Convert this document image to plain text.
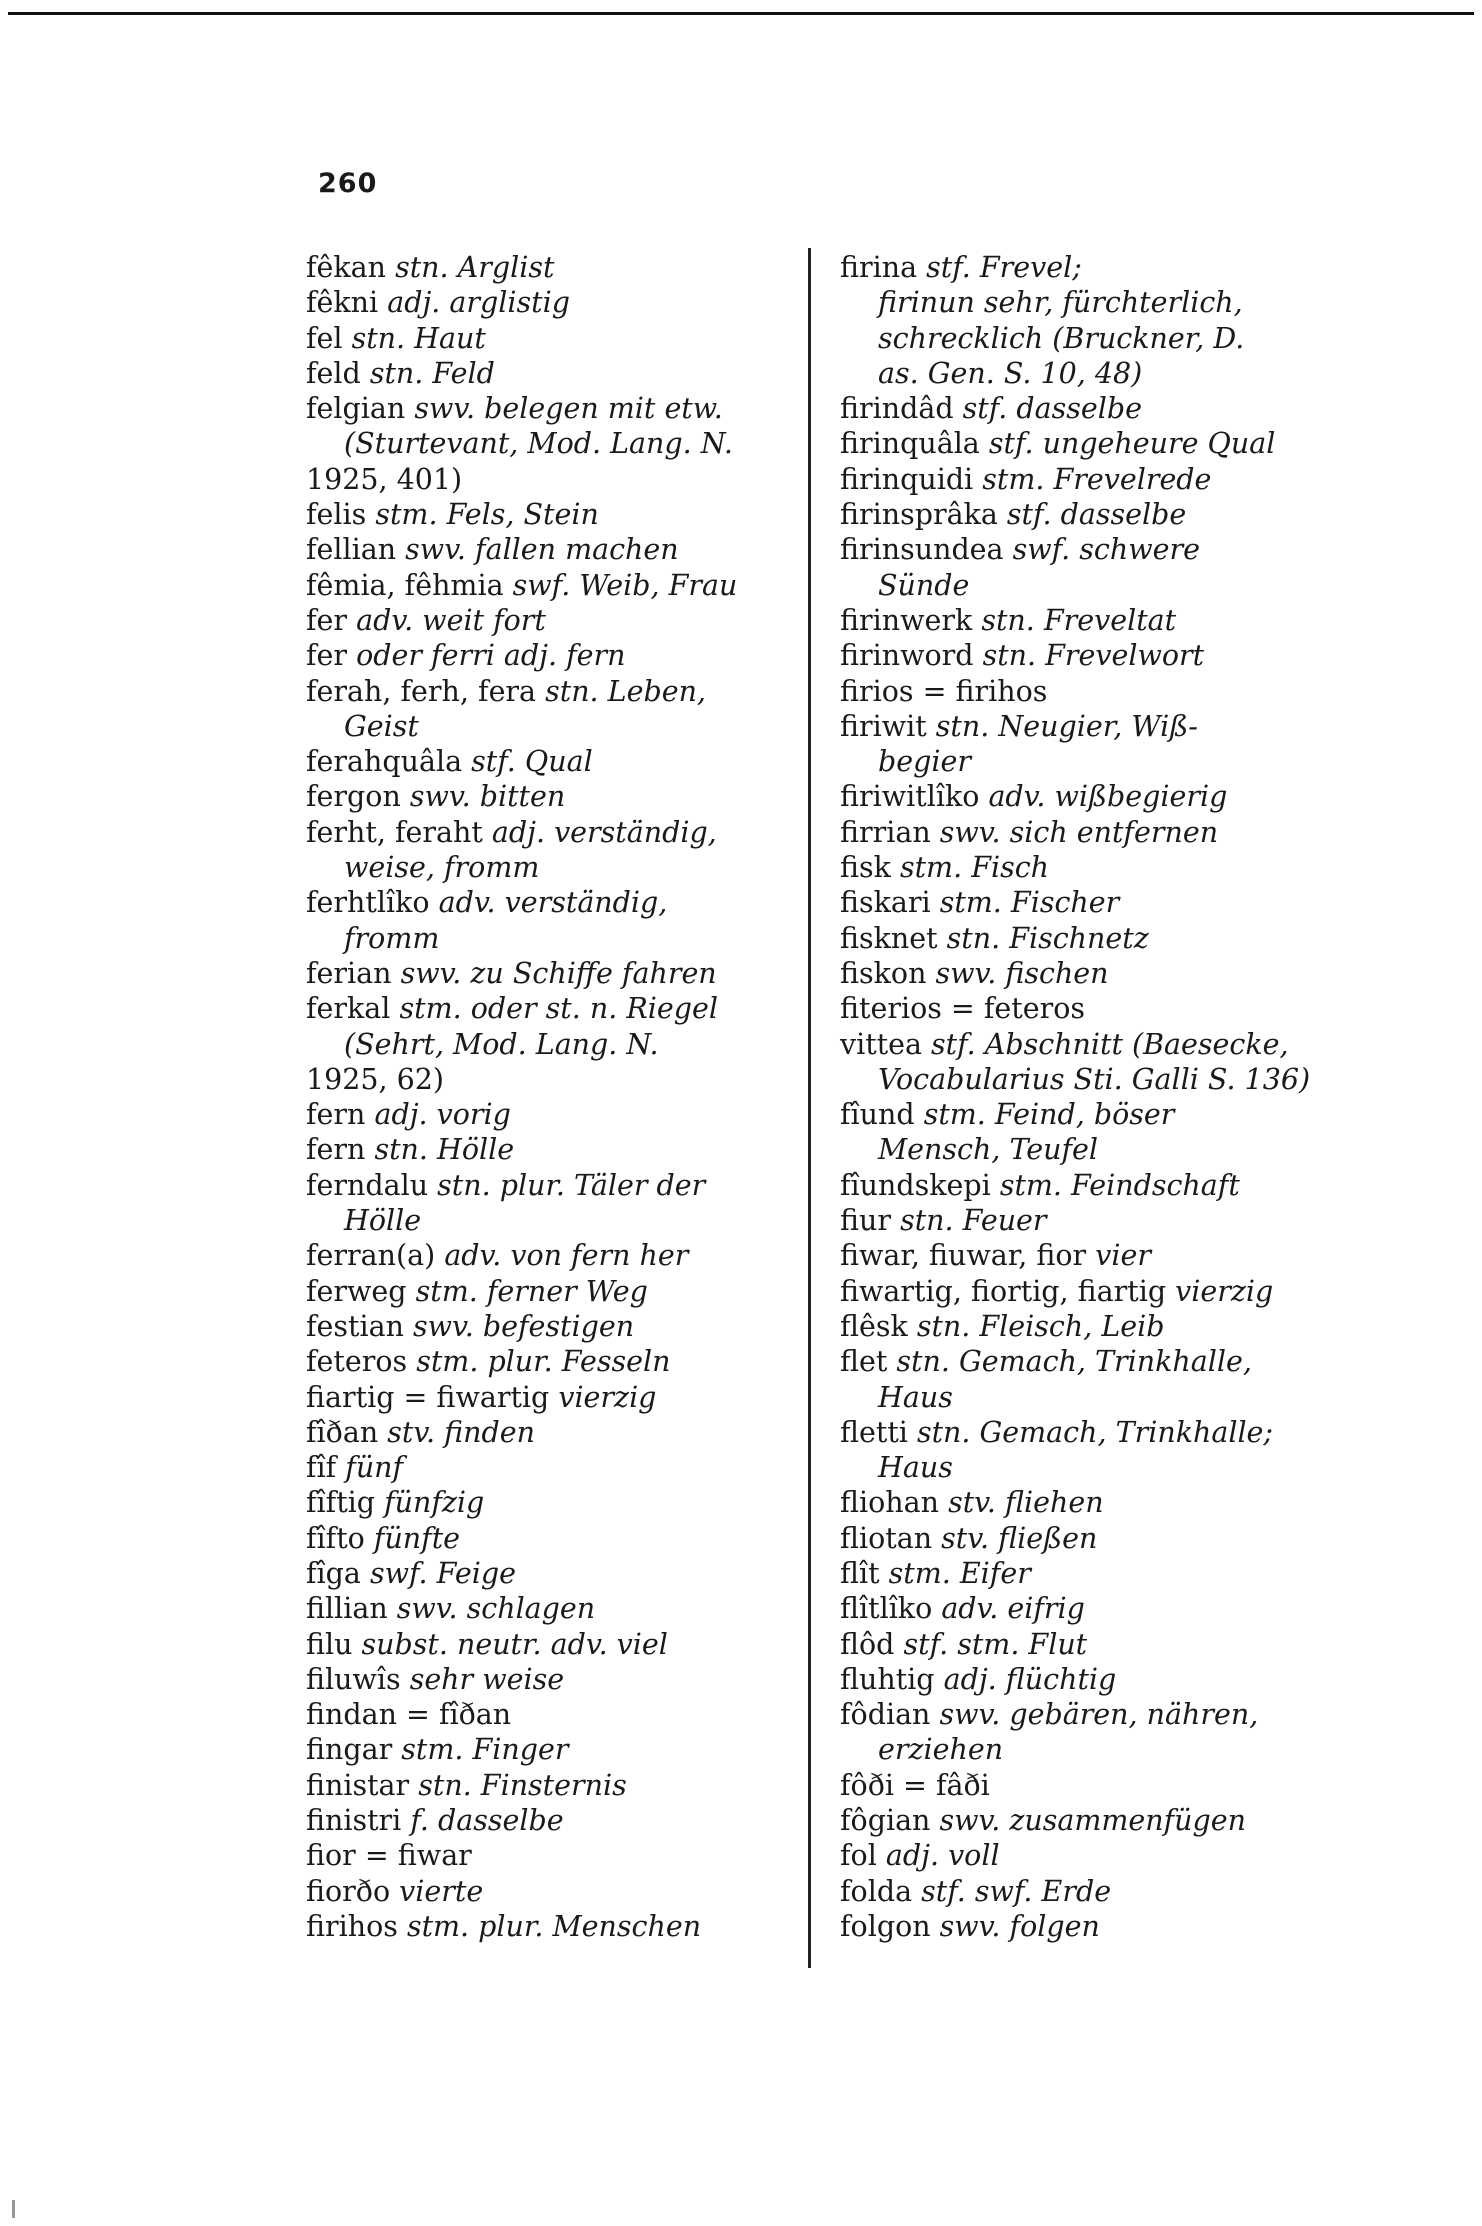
260

fêkan stn. Arglist

fêkni adj. arglistig

fel stn. Haut

feld stn. Feld

felgian swv. belegen mit etw.

(Sturtevant, Mod. Lang. N.

1925, 401)

felis stm. Fels, Stein

fellian swv. fallen machen

fêmia, fêhmia swf. Weib, Frau

fer adv. weit fort

fer oder ferri adj. fern

ferah, ferh, fera stn. Leben,

Geist

ferahquâla stf. Qual

fergon swv. bitten

ferht, feraht adj. verständig,

weise, fromm

ferhtlîko adv. verständig,

fromm

ferian swv. zu Schiffe fahren

ferkal stm. oder st. n. Riegel

(Sehrt, Mod. Lang. N.

1925, 62)

fern adj. vorig

fern stn. Hölle

ferndalu stn. plur. Täler der

Hölle

ferran(a) adv. von fern her

ferweg stm. ferner Weg

festian swv. befestigen

feteros stm. plur. Fesseln

fiartig = fiwartig vierzig

fîðan stv. finden

fîf fünf

fîftig fünfzig

fîfto fünfte

fîga swf. Feige

fillian swv. schlagen

filu subst. neutr. adv. viel

filuwîs sehr weise

findan = fîðan

fingar stm. Finger

finistar stn. Finsternis

finistri f. dasselbe

fior = fiwar

fiorðo vierte

firihos stm. plur. Menschen

firina stf. Frevel;

firinun sehr, fürchterlich,

schrecklich (Bruckner, D.

as. Gen. S. 10, 48)

firindâd stf. dasselbe

firinquâla stf. ungeheure Qual

firinquidi stm. Frevelrede

firinsprâka stf. dasselbe

firinsundea swf. schwere

Sünde

firinwerk stn. Freveltat

firinword stn. Frevelwort

firios = firihos

firiwit stn. Neugier, Wiß-

begier

firiwitlîko adv. wißbegierig

firrian swv. sich entfernen

fisk stm. Fisch

fiskari stm. Fischer

fisknet stn. Fischnetz

fiskon swv. fischen

fiterios = feteros

vittea stf. Abschnitt (Baesecke,

Vocabularius Sti. Galli S. 136)

fîund stm. Feind, böser

Mensch, Teufel

fîundskepi stm. Feindschaft

fiur stn. Feuer

fiwar, fiuwar, fior vier

fiwartig, fiortig, fiartig vierzig

flêsk stn. Fleisch, Leib

flet stn. Gemach, Trinkhalle,

Haus

fletti stn. Gemach, Trinkhalle;

Haus

fliohan stv. fliehen

fliotan stv. fließen

flît stm. Eifer

flîtlîko adv. eifrig

flôd stf. stm. Flut

fluhtig adj. flüchtig

fôdian swv. gebären, nähren,

erziehen

fôði = fâði

fôgian swv. zusammenfügen

fol adj. voll

folda stf. swf. Erde

folgon swv. folgen
